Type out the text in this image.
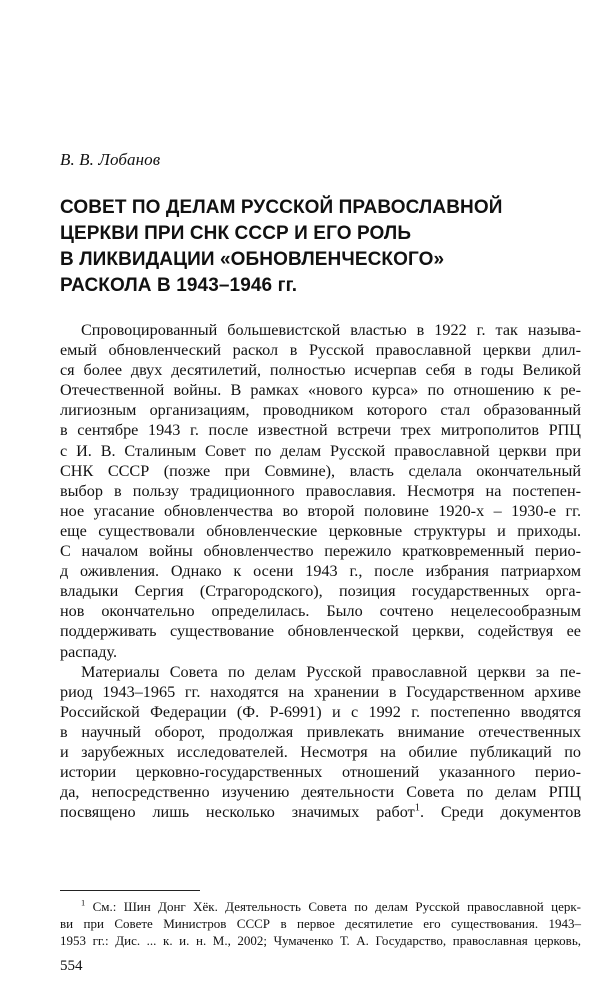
В. В. Лобанов
СОВЕТ ПО ДЕЛАМ РУССКОЙ ПРАВОСЛАВНОЙ
ЦЕРКВИ ПРИ СНК СССР И ЕГО РОЛЬ
В ЛИКВИДАЦИИ «ОБНОВЛЕНЧЕСКОГО»
РАСКОЛА В 1943–1946 гг.
Спровоцированный большевистской властью в 1922 г. так называ-
емый обновленческий раскол в Русской православной церкви длил-
ся более двух десятилетий, полностью исчерпав себя в годы Великой
Отечественной войны. В рамках «нового курса» по отношению к ре-
лигиозным организациям, проводником которого стал образованный
в сентябре 1943 г. после известной встречи трех митрополитов РПЦ
с И. В. Сталиным Совет по делам Русской православной церкви при
СНК СССР (позже при Совмине), власть сделала окончательный
выбор в пользу традиционного православия. Несмотря на постепен-
ное угасание обновленчества во второй половине 1920-х – 1930-е гг.
еще существовали обновленческие церковные структуры и приходы.
С началом войны обновленчество пережило кратковременный перио-
д оживления. Однако к осени 1943 г., после избрания патриархом
владыки Сергия (Страгородского), позиция государственных орга-
нов окончательно определилась. Было сочтено нецелесообразным
поддерживать существование обновленческой церкви, содействуя ее
распаду.
Материалы Совета по делам Русской православной церкви за пе-
риод 1943–1965 гг. находятся на хранении в Государственном архиве
Российской Федерации (Ф. Р-6991) и с 1992 г. постепенно вводятся
в научный оборот, продолжая привлекать внимание отечественных
и зарубежных исследователей. Несмотря на обилие публикаций по
истории церковно-государственных отношений указанного перио-
да, непосредственно изучению деятельности Совета по делам РПЦ
посвящено лишь несколько значимых работ$^1$. Среди документов
$^1$ См.: Шин Донг Хёк. Деятельность Совета по делам Русской православной церк-
ви при Совете Министров СССР в первое десятилетие его существования. 1943–
1953 гг.: Дис. ... к. и. н. М., 2002; Чумаченко Т. А. Государство, православная церковь,
554
